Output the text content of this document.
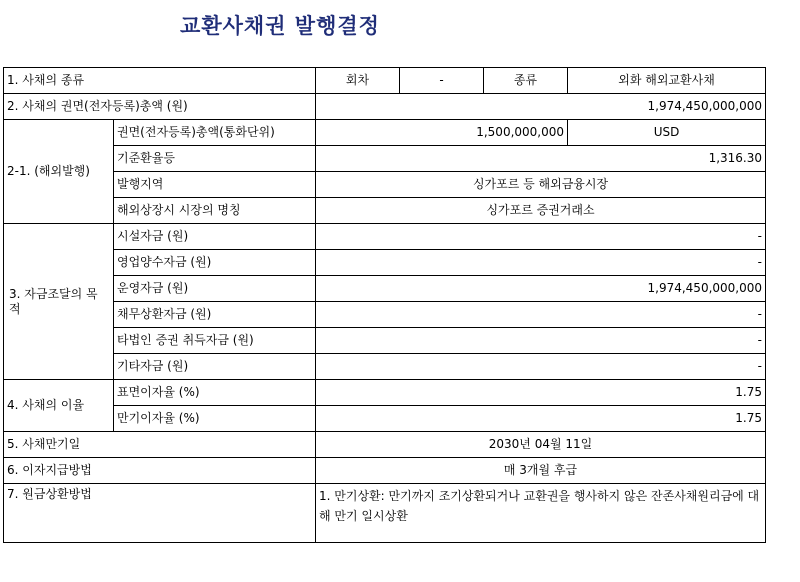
교환사채권 발행결정
1. 사채의 종류		회차	-	종류	외화 해외교환사채
2. 사채의 권면(전자등록)총액 (원)		1,974,450,000,000			
2-1. (해외발행)	권면(전자등록)총액(통화단위)	1,500,000,000			USD
	기준환율등	1,316.30			
	발행지역	싱가포르 등 해외금융시장			
	해외상장시 시장의 명칭	싱가포르 증권거래소			

3. 자금조달의 목적	시설자금 (원)	-			
	영업양수자금 (원)	-			
	운영자금 (원)	1,974,450,000,000			
	채무상환자금 (원)	-			
	타법인 증권 취득자금 (원)	-			
	기타자금 (원)	-			
4. 사채의 이율	표면이자율 (%)	1.75			
	만기이자율 (%)	1.75			
5. 사채만기일		2030년 04월 11일			
6. 이자지급방법		매 3개월 후급			
7. 원금상환방법		1. 만기상환: 만기까지 조기상환되거나 교환권을 행사하지 않은 잔존사채원리금에 대해 만기 일시상환			
